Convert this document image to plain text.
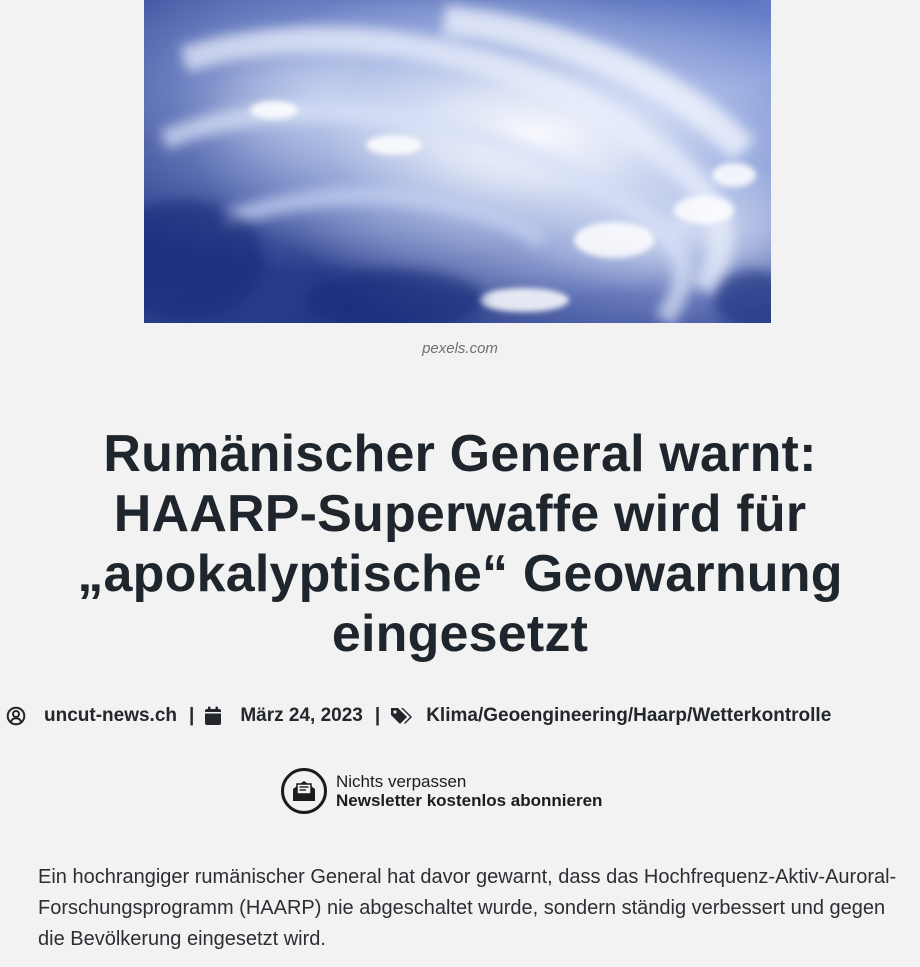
pexels.com
Rumänischer General warnt:
HAARP-Superwaffe wird für
„apokalyptische“ Geowarnung
eingesetzt
uncut-news.ch | März 24, 2023 | Klima/Geoengineering/Haarp/Wetterkontrolle
Nichts verpassen
Newsletter kostenlos abonnieren

Ein hochrangiger rumänischer General hat davor gewarnt, dass das Hochfrequenz-Aktiv-Auroral-Forschungsprogramm (HAARP) nie abgeschaltet wurde, sondern ständig verbessert und gegen die Bevölkerung eingesetzt wird.
